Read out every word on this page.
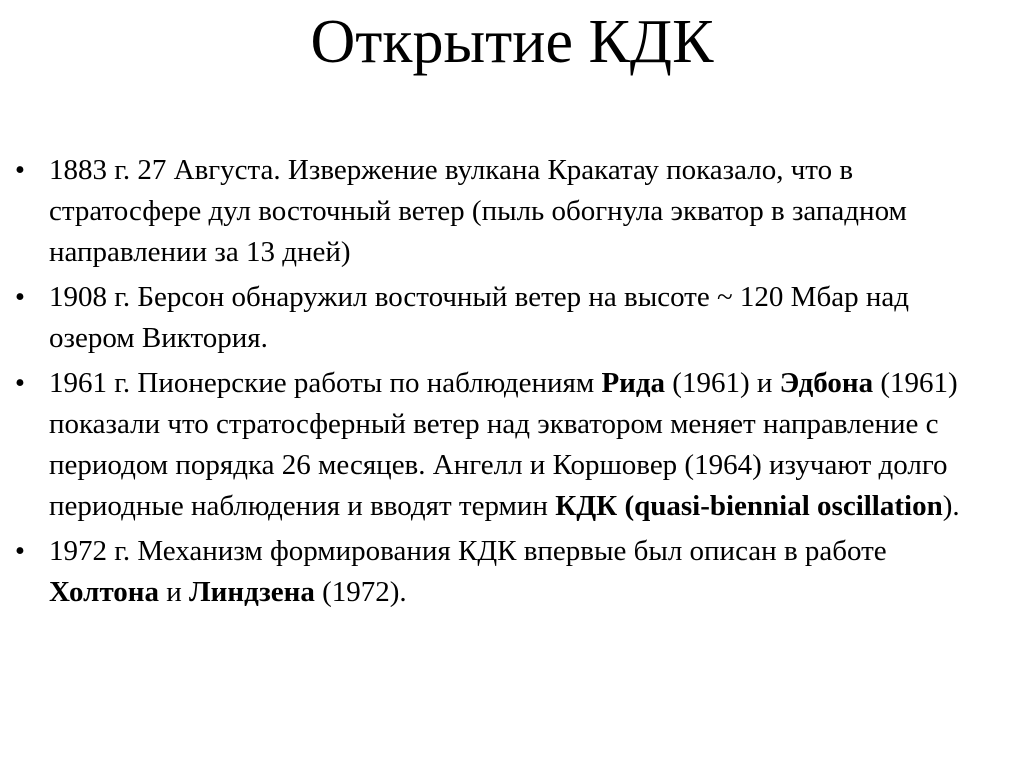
Открытие КДК
• 1883 г. 27 Августа. Извержение вулкана Кракатау показало, что в стратосфере дул восточный ветер (пыль обогнула экватор в западном направлении за 13 дней)
• 1908 г. Берсон обнаружил восточный ветер на высоте ~ 120 Мбар над озером Виктория.
• 1961 г. Пионерские работы по наблюдениям Рида (1961) и Эдбона (1961) показали что стратосферный ветер над экватором меняет направление с периодом порядка 26 месяцев. Ангелл и Коршовер (1964) изучают долго периодные наблюдения и вводят термин КДК (quasi-biennial oscillation).
• 1972 г. Механизм формирования КДК впервые был описан в работе Холтона и Линдзена (1972).
